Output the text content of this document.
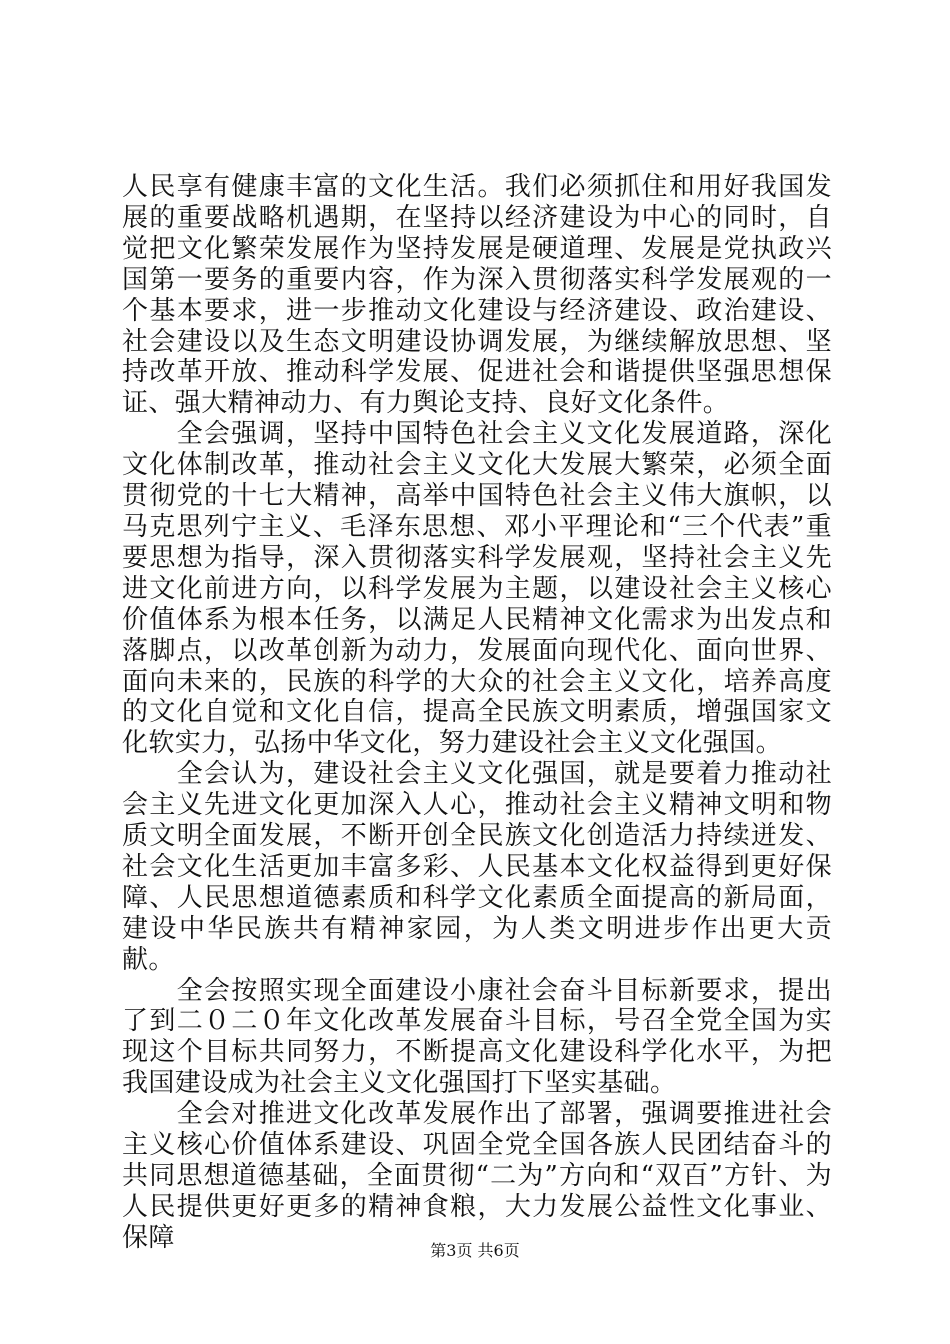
人民享有健康丰富的文化生活。我们必须抓住和用好我国发展的重要战略机遇期，在坚持以经济建设为中心的同时，自觉把文化繁荣发展作为坚持发展是硬道理、发展是党执政兴国第一要务的重要内容，作为深入贯彻落实科学发展观的一个基本要求，进一步推动文化建设与经济建设、政治建设、社会建设以及生态文明建设协调发展，为继续解放思想、坚持改革开放、推动科学发展、促进社会和谐提供坚强思想保证、强大精神动力、有力舆论支持、良好文化条件。

全会强调，坚持中国特色社会主义文化发展道路，深化文化体制改革，推动社会主义文化大发展大繁荣，必须全面贯彻党的十七大精神，高举中国特色社会主义伟大旗帜，以马克思列宁主义、毛泽东思想、邓小平理论和“三个代表”重要思想为指导，深入贯彻落实科学发展观，坚持社会主义先进文化前进方向，以科学发展为主题，以建设社会主义核心价值体系为根本任务，以满足人民精神文化需求为出发点和落脚点，以改革创新为动力，发展面向现代化、面向世界、面向未来的，民族的科学的大众的社会主义文化，培养高度的文化自觉和文化自信，提高全民族文明素质，增强国家文化软实力，弘扬中华文化，努力建设社会主义文化强国。

全会认为，建设社会主义文化强国，就是要着力推动社会主义先进文化更加深入人心，推动社会主义精神文明和物质文明全面发展，不断开创全民族文化创造活力持续迸发、社会文化生活更加丰富多彩、人民基本文化权益得到更好保障、人民思想道德素质和科学文化素质全面提高的新局面，建设中华民族共有精神家园，为人类文明进步作出更大贡献。

全会按照实现全面建设小康社会奋斗目标新要求，提出了到二０二０年文化改革发展奋斗目标，号召全党全国为实现这个目标共同努力，不断提高文化建设科学化水平，为把我国建设成为社会主义文化强国打下坚实基础。

全会对推进文化改革发展作出了部署，强调要推进社会主义核心价值体系建设、巩固全党全国各族人民团结奋斗的共同思想道德基础，全面贯彻“二为”方向和“双百”方针、为人民提供更好更多的精神食粮，大力发展公益性文化事业、保障	第3页 共6页
